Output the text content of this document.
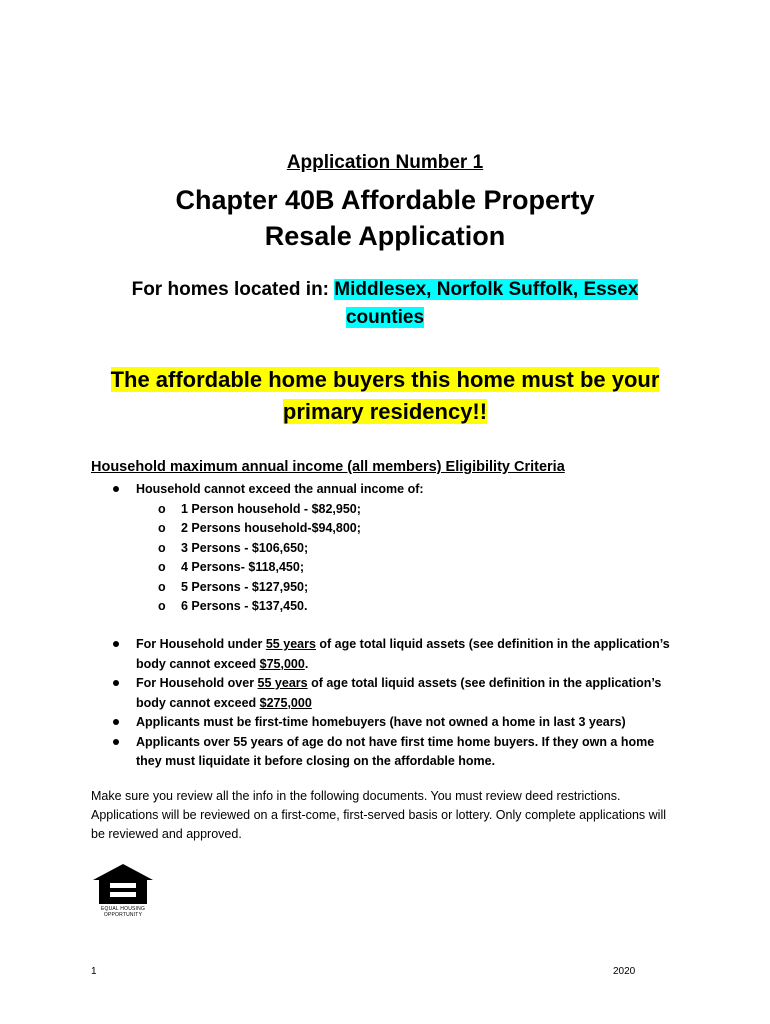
Application Number 1
Chapter 40B Affordable Property
Resale Application
For homes located in: Middlesex, Norfolk Suffolk, Essex
counties
The affordable home buyers this home must be your
primary residency!!
Household maximum annual income (all members) Eligibility Criteria
Household cannot exceed the annual income of:
o 1 Person household - $82,950;
o 2 Persons household-$94,800;
o 3 Persons - $106,650;
o 4 Persons- $118,450;
o 5 Persons - $127,950;
o 6 Persons - $137,450.
For Household under 55 years of age total liquid assets (see definition in the application’s body cannot exceed $75,000.
For Household over 55 years of age total liquid assets (see definition in the application’s body cannot exceed $275,000
Applicants must be first-time homebuyers (have not owned a home in last 3 years)
Applicants over 55 years of age do not have first time home buyers. If they own a home they must liquidate it before closing on the affordable home.
Make sure you review all the info in the following documents. You must review deed restrictions. Applications will be reviewed on a first-come, first-served basis or lottery. Only complete applications will be reviewed and approved.
EQUAL HOUSING OPPORTUNITY
1	2020
